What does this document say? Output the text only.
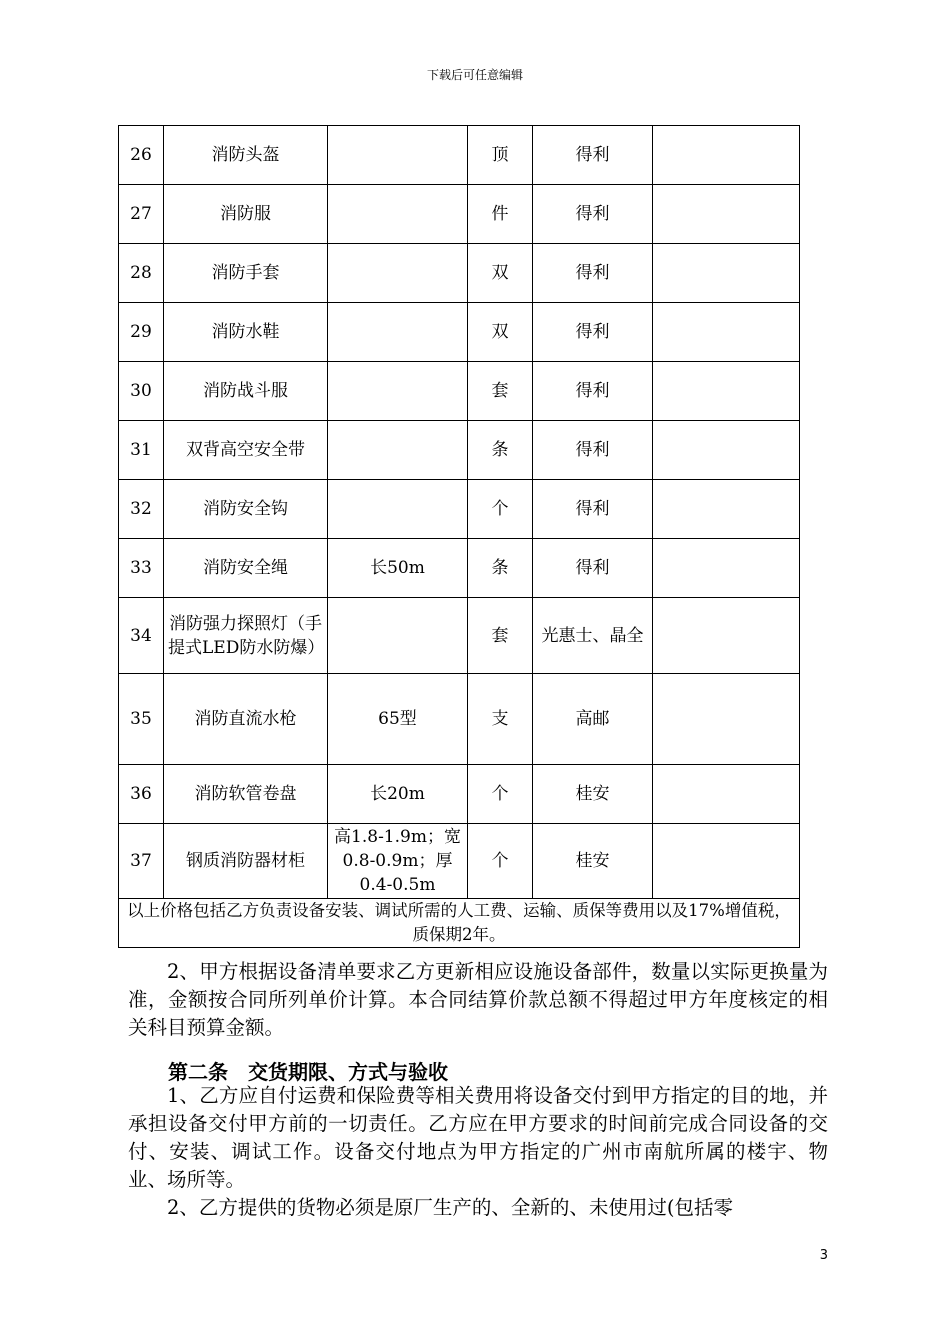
下载后可任意编辑
26	消防头盔		顶	得利	
27	消防服		件	得利	
28	消防手套		双	得利	
29	消防水鞋		双	得利	
30	消防战斗服		套	得利	
31	双背高空安全带		条	得利	
32	消防安全钩		个	得利	
33	消防安全绳	长50m	条	得利	
34	消防强力探照灯（手提式LED防水防爆）		套	光惠士、晶全	
35	消防直流水枪	65型	支	高邮	
36	消防软管卷盘	长20m	个	桂安	
37	钢质消防器材柜	高1.8-1.9m；宽0.8-0.9m；厚0.4-0.5m	个	桂安	
以上价格包括乙方负责设备安装、调试所需的人工费、运输、质保等费用以及17%增值税，质保期2年。					

2、甲方根据设备清单要求乙方更新相应设施设备部件，数量以实际更换量为准，金额按合同所列单价计算。本合同结算价款总额不得超过甲方年度核定的相关科目预算金额。

第二条　交货期限、方式与验收

1、乙方应自付运费和保险费等相关费用将设备交付到甲方指定的目的地，并承担设备交付甲方前的一切责任。乙方应在甲方要求的时间前完成合同设备的交付、安装、调试工作。设备交付地点为甲方指定的广州市南航所属的楼宇、物业、场所等。

2、乙方提供的货物必须是原厂生产的、全新的、未使用过(包括零

3
